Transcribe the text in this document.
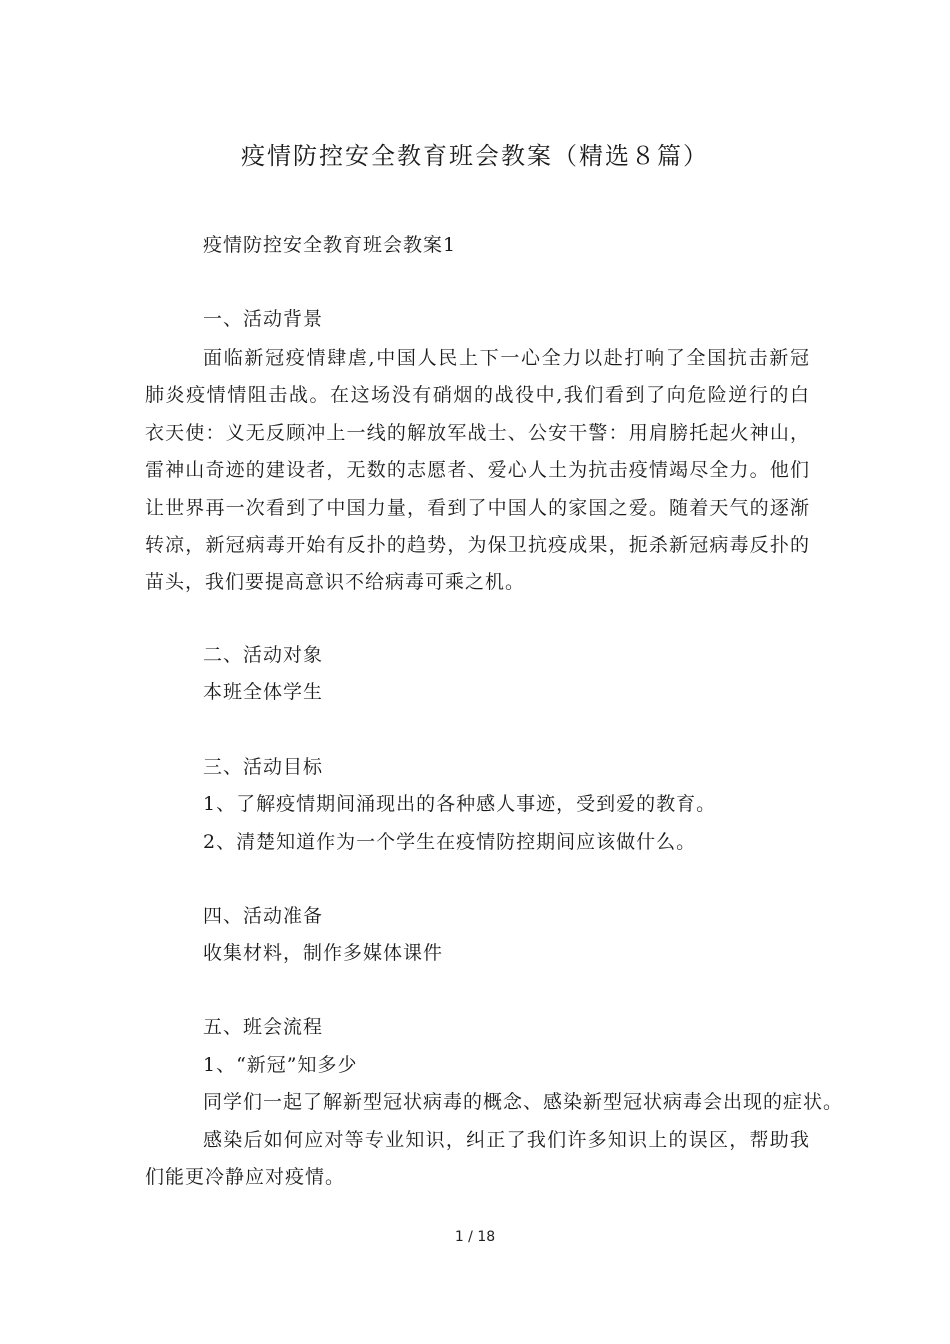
疫情防控安全教育班会教案（精选８篇）
疫情防控安全教育班会教案1
一、活动背景

面临新冠疫情肆虐,中国人民上下一心全力以赴打响了全国抗击新冠肺炎疫情情阻击战。在这场没有硝烟的战役中,我们看到了向危险逆行的白衣天使：义无反顾冲上一线的解放军战士、公安干警：用肩膀托起火神山，雷神山奇迹的建设者，无数的志愿者、爱心人土为抗击疫情竭尽全力。他们让世界再一次看到了中国力量，看到了中国人的家国之爱。随着天气的逐渐转凉，新冠病毒开始有反扑的趋势，为保卫抗疫成果，扼杀新冠病毒反扑的苗头，我们要提高意识不给病毒可乘之机。

二、活动对象
本班全体学生
三、活动目标
1、了解疫情期间涌现出的各种感人事迹，受到爱的教育。
2、清楚知道作为一个学生在疫情防控期间应该做什么。
四、活动准备
收集材料，制作多媒体课件
五、班会流程
1、“新冠”知多少
同学们一起了解新型冠状病毒的概念、感染新型冠状病毒会出现的症状。

感染后如何应对等专业知识，纠正了我们许多知识上的误区，帮助我们能更冷静应对疫情。

1 / 18
